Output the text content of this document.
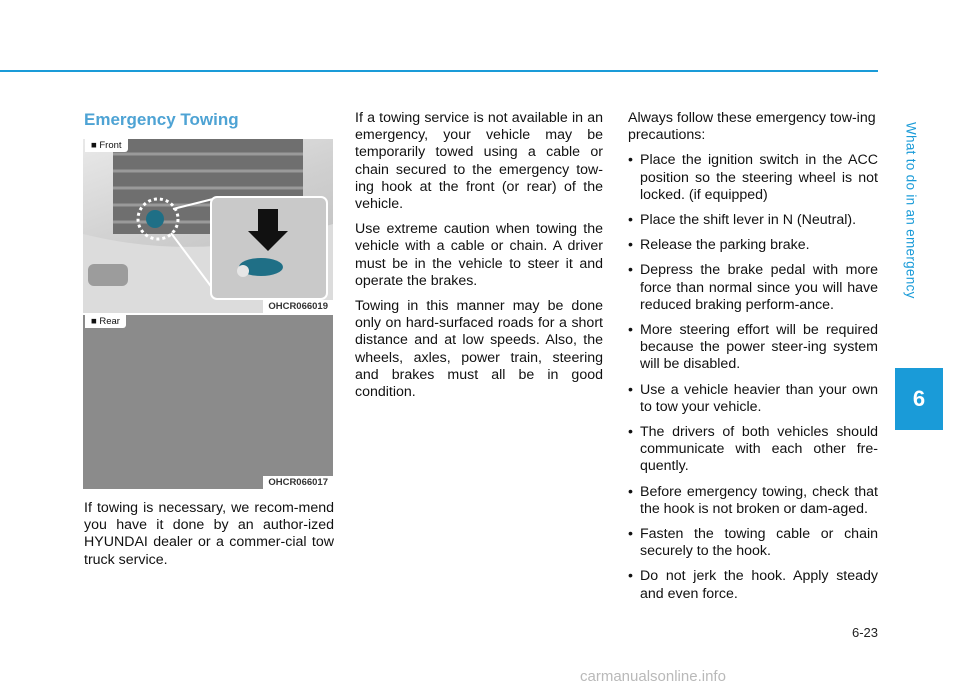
What to do in an emergency
6
Emergency Towing
■ Front
OHCR066019
■ Rear
OHCR066017

If towing is necessary, we recom-mend you have it done by an author-ized HYUNDAI dealer or a commer-cial tow truck service.

If a towing service is not available in an emergency, your vehicle may be temporarily towed using a cable or chain secured to the emergency tow-ing hook at the front (or rear) of the vehicle.

Use extreme caution when towing the vehicle with a cable or chain. A driver must be in the vehicle to steer it and operate the brakes.

Towing in this manner may be done only on hard-surfaced roads for a short distance and at low speeds. Also, the wheels, axles, power train, steering and brakes must all be in good condition.

Always follow these emergency tow-ing precautions:

• Place the ignition switch in the ACC position so the steering wheel is not locked. (if equipped)
• Place the shift lever in N (Neutral).
• Release the parking brake.
• Depress the brake pedal with more force than normal since you will have reduced braking perform-ance.
• More steering effort will be required because the power steer-ing system will be disabled.
• Use a vehicle heavier than your own to tow your vehicle.
• The drivers of both vehicles should communicate with each other fre-quently.
• Before emergency towing, check that the hook is not broken or dam-aged.
• Fasten the towing cable or chain securely to the hook.
• Do not jerk the hook. Apply steady and even force.
6-23
carmanualsonline.info
